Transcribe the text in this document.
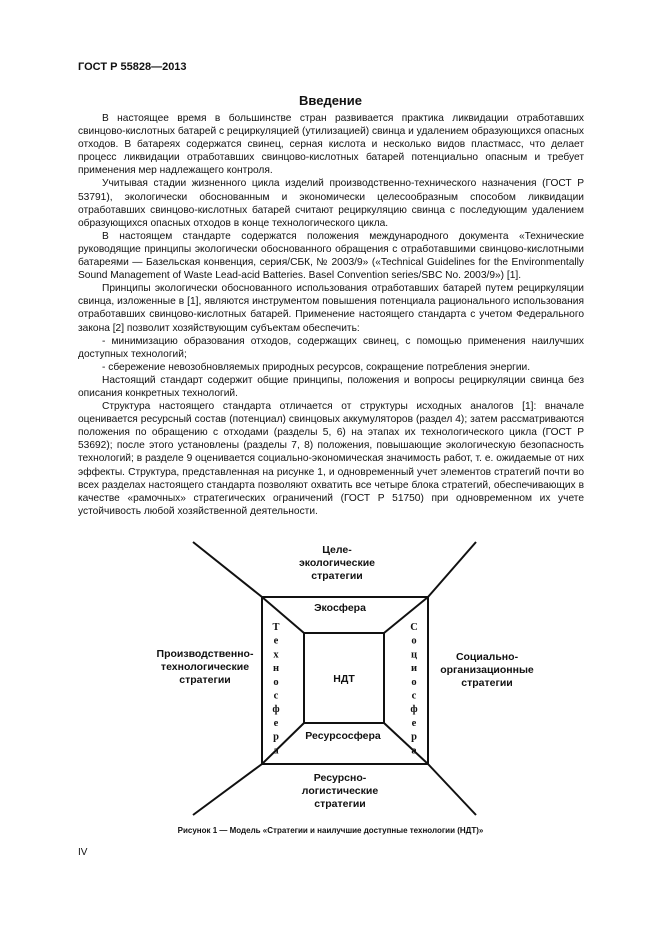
ГОСТ Р 55828—2013
Введение

В настоящее время в большинстве стран развивается практика ликвидации отработавших свинцово-кислотных батарей с рециркуляцией (утилизацией) свинца и удалением образующихся опасных отходов. В батареях содержатся свинец, серная кислота и несколько видов пластмасс, что делает процесс ликвидации отработавших свинцово-кислотных батарей потенциально опасным и требует применения мер надлежащего контроля.

Учитывая стадии жизненного цикла изделий производственно-технического назначения (ГОСТ Р 53791), экологически обоснованным и экономически целесообразным способом ликвидации отработавших свинцово-кислотных батарей считают рециркуляцию свинца с последующим удалением образующихся опасных отходов в конце технологического цикла.

В настоящем стандарте содержатся положения международного документа «Технические руководящие принципы экологически обоснованного обращения с отработавшими свинцово-кислотными батареями — Базельская конвенция, серия/СБК, № 2003/9» («Technical Guidelines for the Environmentally Sound Management of Waste Lead-acid Batteries. Basel Convention series/SBC No. 2003/9») [1].

Принципы экологически обоснованного использования отработавших батарей путем рециркуляции свинца, изложенные в [1], являются инструментом повышения потенциала рационального использования отработавших свинцово-кислотных батарей. Применение настоящего стандарта с учетом Федерального закона [2] позволит хозяйствующим субъектам обеспечить:

- минимизацию образования отходов, содержащих свинец, с помощью применения наилучших доступных технологий;

- сбережение невозобновляемых природных ресурсов, сокращение потребления энергии.

Настоящий стандарт содержит общие принципы, положения и вопросы рециркуляции свинца без описания конкретных технологий.

Структура настоящего стандарта отличается от структуры исходных аналогов [1]: вначале оценивается ресурсный состав (потенциал) свинцовых аккумуляторов (раздел 4); затем рассматриваются положения по обращению с отходами (разделы 5, 6) на этапах их технологического цикла (ГОСТ Р 53692); после этого установлены (разделы 7, 8) положения, повышающие экологическую безопасность технологий; в разделе 9 оценивается социально-экономическая значимость работ, т. е. ожидаемые от них эффекты. Структура, представленная на рисунке 1, и одновременный учет элементов стратегий почти во всех разделах настоящего стандарта позволяют охватить все четыре блока стратегий, обеспечивающих в качестве «рамочных» стратегических ограничений (ГОСТ Р 51750) при одновременном их учете устойчивость любой хозяйственной деятельности.

Целе-
экологические
стратегии
Производственно-
технологические
стратегии
Социально-
организационные
стратегии
Ресурсно-
логистические
стратегии
Экосфера
Ресурсосфера
НДТ
Т
е
х
н
о
с
ф
е
р
а
С
о
ц
и
о
с
ф
е
р
а
Рисунок 1 — Модель «Стратегии и наилучшие доступные технологии (НДТ)»
IV
